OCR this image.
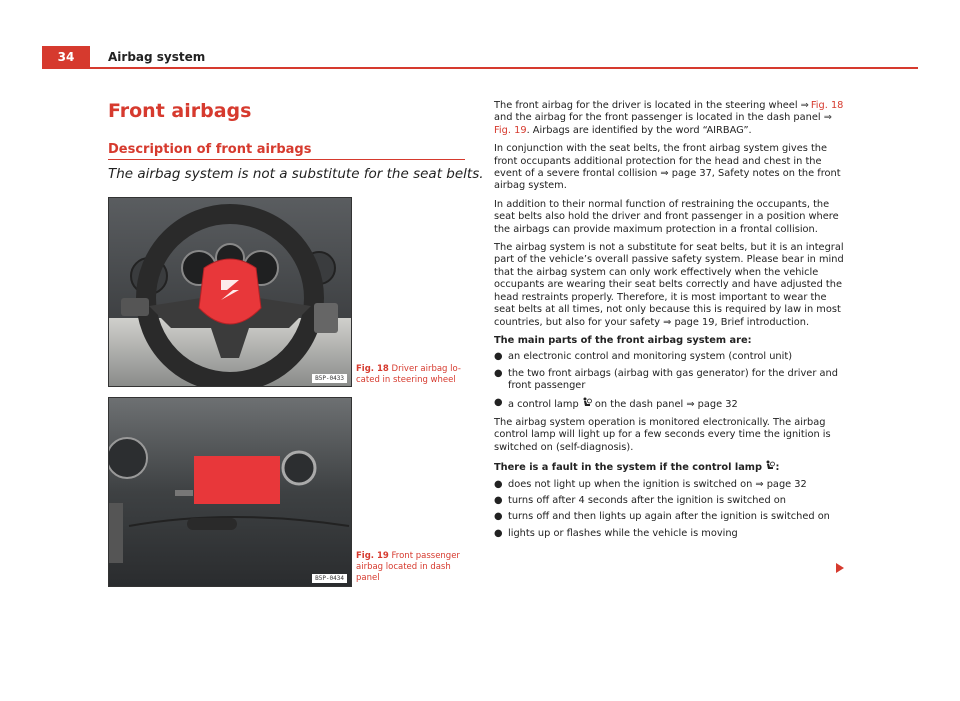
34	Airbag system
Front airbags
Description of front airbags
The airbag system is not a substitute for the seat belts.
B5P-0433
Fig. 18 Driver airbag lo-
cated in steering wheel
B5P-0434
Fig. 19 Front passenger airbag located in dash panel

The front airbag for the driver is located in the steering wheel ⇒  Fig. 18 and the airbag for the front passenger is located in the dash panel ⇒ Fig. 19. Airbags are identified by the word “AIRBAG”.

In conjunction with the seat belts, the front airbag system gives the front occupants additional protection for the head and chest in the event of a severe frontal collision ⇒ page 37, Safety notes on the front airbag system.

In addition to their normal function of restraining the occupants, the seat belts also hold the driver and front passenger in a position where the airbags can provide maximum protection in a frontal collision.

The airbag system is not a substitute for seat belts, but it is an integral part of the vehicle’s overall passive safety system. Please bear in mind that the airbag system can only work effectively when the vehicle occupants are wearing their seat belts correctly and have adjusted the head restraints properly. Therefore, it is most important to wear the seat belts at all times, not only because this is required by law in most countries, but also for your safety ⇒ page 19, Brief introduction.

The main parts of the front airbag system are:

● an electronic control and monitoring system (control unit)
● the two front airbags (airbag with gas generator) for the driver and front passenger
● a control lamp  on the dash panel ⇒ page 32

The airbag system operation is monitored electronically. The airbag control lamp will light up for a few seconds every time the ignition is switched on (self-diagnosis).

There is a fault in the system if the control lamp :

● does not light up when the ignition is switched on ⇒ page 32
● turns off after 4 seconds after the ignition is switched on
● turns off and then lights up again after the ignition is switched on
● lights up or flashes while the vehicle is moving
